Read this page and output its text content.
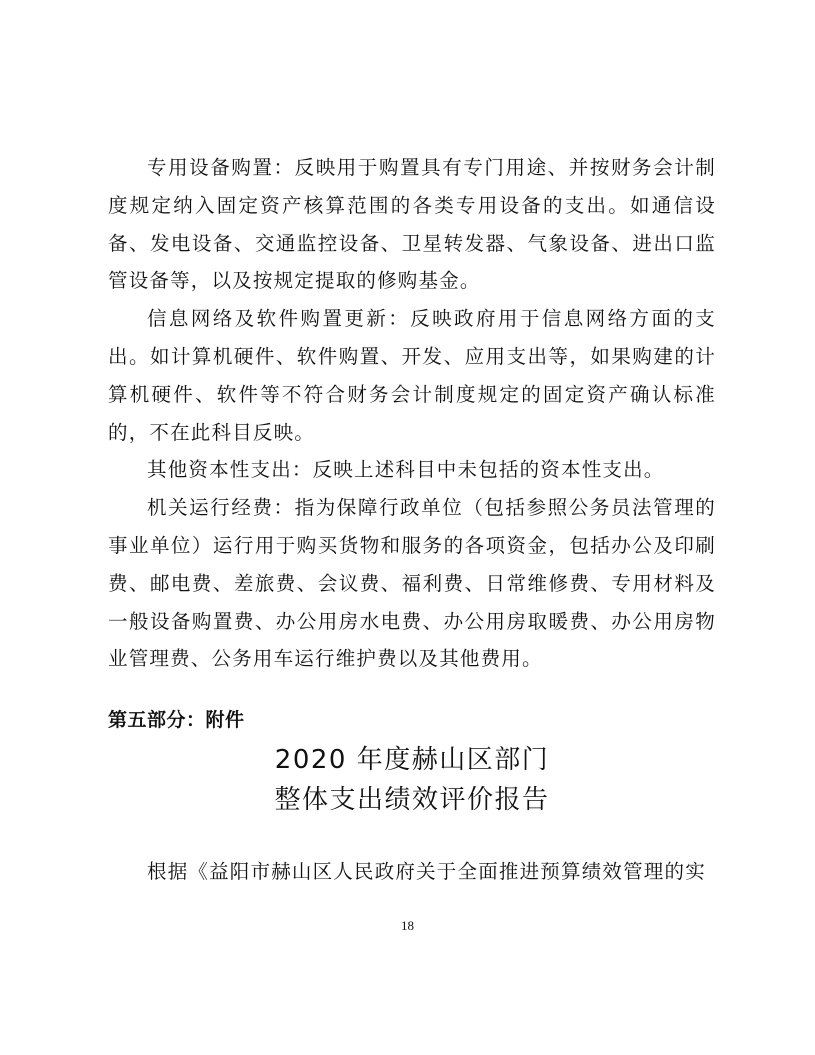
专用设备购置：反映用于购置具有专门用途、并按财务会计制度规定纳入固定资产核算范围的各类专用设备的支出。如通信设备、发电设备、交通监控设备、卫星转发器、气象设备、进出口监管设备等，以及按规定提取的修购基金。

信息网络及软件购置更新：反映政府用于信息网络方面的支出。如计算机硬件、软件购置、开发、应用支出等，如果购建的计算机硬件、软件等不符合财务会计制度规定的固定资产确认标准的，不在此科目反映。

其他资本性支出：反映上述科目中未包括的资本性支出。

机关运行经费：指为保障行政单位（包括参照公务员法管理的事业单位）运行用于购买货物和服务的各项资金，包括办公及印刷费、邮电费、差旅费、会议费、福利费、日常维修费、专用材料及一般设备购置费、办公用房水电费、办公用房取暖费、办公用房物业管理费、公务用车运行维护费以及其他费用。

第五部分：附件
2020 年度赫山区部门
整体支出绩效评价报告
根据《益阳市赫山区人民政府关于全面推进预算绩效管理的实
18
